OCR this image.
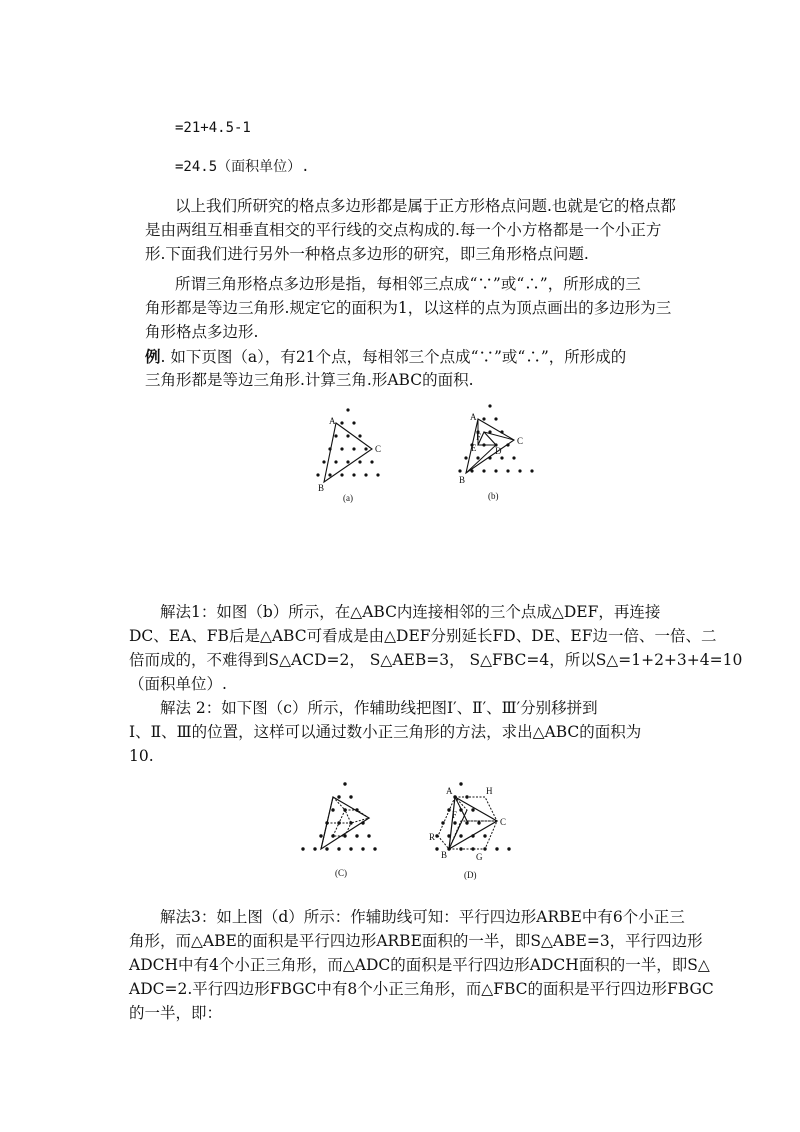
=21+4.5-1
=24.5（面积单位）.
以上我们所研究的格点多边形都是属于正方形格点问题.也就是它的格点都
是由两组互相垂直相交的平行线的交点构成的.每一个小方格都是一个小正方
形.下面我们进行另外一种格点多边形的研究，即三角形格点问题.
所谓三角形格点多边形是指，每相邻三点成“∵”或“∴”，所形成的三
角形都是等边三角形.规定它的面积为1，以这样的点为顶点画出的多边形为三
角形格点多边形.
例. 如下页图（a），有21个点，每相邻三个点成“∵”或“∴”，所形成的
三角形都是等边三角形.计算三角.形ABC的面积.
A
C
B
(a)
A
C
B
F
E D
(b)
解法1：如图（b）所示，在△ABC内连接相邻的三个点成△DEF，再连接
DC、EA、FB后是△ABC可看成是由△DEF分别延长FD、DE、EF边一倍、一倍、二
倍而成的，不难得到S△ACD=2， S△AEB=3， S△FBC=4，所以S△=1+2+3+4=10
（面积单位）.
解法 2：如下图（c）所示，作辅助线把图Ⅰ′、Ⅱ′、Ⅲ′分别移拼到
Ⅰ、Ⅱ、Ⅲ的位置，这样可以通过数小正三角形的方法，求出△ABC的面积为
10.
(C)
A
C
B
R
G
F
H
(D)
解法3：如上图（d）所示：作辅助线可知：平行四边形ARBE中有6个小正三
角形，而△ABE的面积是平行四边形ARBE面积的一半，即S△ABE=3，平行四边形
ADCH中有4个小正三角形，而△ADC的面积是平行四边形ADCH面积的一半，即S△
ADC=2.平行四边形FBGC中有8个小正三角形，而△FBC的面积是平行四边形FBGC
的一半，即：
